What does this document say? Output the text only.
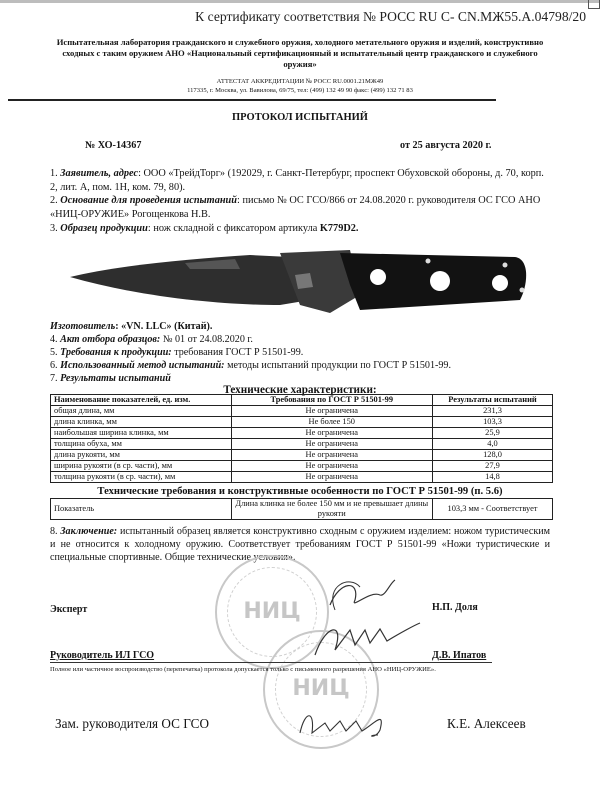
К сертификату соответствия № РОСС RU С- CN.МЖ55.А.04798/20
Испытательная лаборатория гражданского и служебного оружия, холодного метательного оружия и изделий, конструктивно сходных с таким оружием АНО «Национальный сертификационный и испытательный центр гражданского и служебного оружия»
АТТЕСТАТ АККРЕДИТАЦИИ № РОСС RU.0001.21МЖ49
117335, г. Москва, ул. Вавилова, 69/75, тел: (499) 132 49 90 факс: (499) 132 71 83
ПРОТОКОЛ ИСПЫТАНИЙ
№ ХО-14367	от 25 августа 2020 г.
1. Заявитель, адрес: ООО «ТрейдТорг» (192029, г. Санкт-Петербург, проспект Обуховской обороны, д. 70, корп. 2, лит. А, пом. 1Н, ком. 79, 80).
2. Основание для проведения испытаний: письмо № ОС ГСО/866 от 24.08.2020 г. руководителя ОС ГСО АНО «НИЦ-ОРУЖИЕ» Рогощенкова Н.В.
3. Образец продукции: нож складной с фиксатором артикула K779D2.
Изготовитель: «VN. LLC» (Китай).
4. Акт отбора образцов: № 01 от 24.08.2020 г.
5. Требования к продукции: требования ГОСТ Р 51501-99.
6. Использованный метод испытаний: методы испытаний продукции по ГОСТ Р 51501-99.
7. Результаты испытаний
Технические характеристики:
Наименование показателей, ед. изм.	Требования по ГОСТ Р 51501-99	Результаты испытаний
общая длина, мм	Не ограничена	231,3
длина клинка, мм	Не более 150	103,3
наибольшая ширина клинка, мм	Не ограничена	25,9
толщина обуха, мм	Не ограничена	4,0
длина рукояти, мм	Не ограничена	128,0
ширина рукояти (в ср. части), мм	Не ограничена	27,9
толщина рукояти (в ср. части), мм	Не ограничена	14,8
Технические требования и конструктивные особенности по ГОСТ Р 51501-99 (п. 5.6)
Показатель	Длина клинка не более 150 мм и не превышает длины рукояти	103,3 мм - Соответствует
8. Заключение: испытанный образец является конструктивно сходным с оружием изделием: ножом туристическим и не относится к холодному оружию. Соответствует требованиям ГОСТ Р 51501-99 «Ножи туристические и специальные спортивные. Общие технические условия».
НИЦ
НИЦ
Эксперт	Н.П. Доля
Руководитель ИЛ ГСО	Д.В. Ипатов
Полное или частичное воспроизводство (перепечатка) протокола допускается только с письменного разрешения АНО «НИЦ-ОРУЖИЕ».
Зам. руководителя ОС ГСО	К.Е. Алексеев
